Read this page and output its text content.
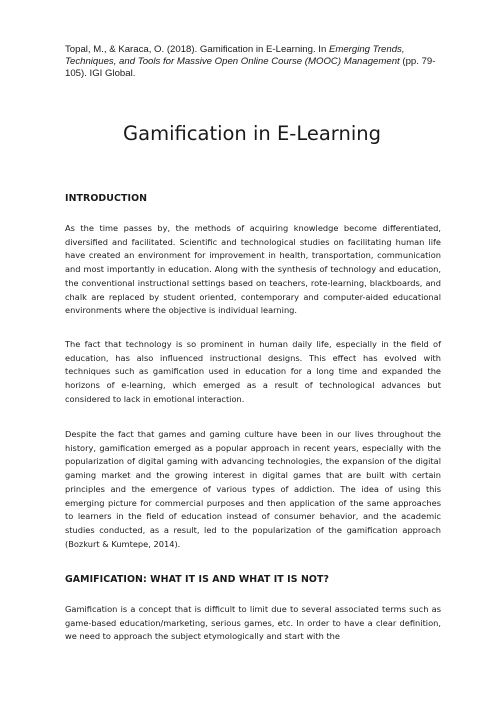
Topal, M., & Karaca, O. (2018). Gamification in E-Learning. In Emerging Trends, Techniques, and Tools for Massive Open Online Course (MOOC) Management (pp. 79-105). IGI Global.
Gamification in E-Learning
INTRODUCTION

As the time passes by, the methods of acquiring knowledge become differentiated, diversified and facilitated. Scientific and technological studies on facilitating human life have created an environment for improvement in health, transportation, communication and most importantly in education. Along with the synthesis of technology and education, the conventional instructional settings based on teachers, rote-learning, blackboards, and chalk are replaced by student oriented, contemporary and computer-aided educational environments where the objective is individual learning.

The fact that technology is so prominent in human daily life, especially in the field of education, has also influenced instructional designs. This effect has evolved with techniques such as gamification used in education for a long time and expanded the horizons of e-learning, which emerged as a result of technological advances but considered to lack in emotional interaction.

Despite the fact that games and gaming culture have been in our lives throughout the history, gamification emerged as a popular approach in recent years, especially with the popularization of digital gaming with advancing technologies, the expansion of the digital gaming market and the growing interest in digital games that are built with certain principles and the emergence of various types of addiction. The idea of using this emerging picture for commercial purposes and then application of the same approaches to learners in the field of education instead of consumer behavior, and the academic studies conducted, as a result, led to the popularization of the gamification approach (Bozkurt & Kumtepe, 2014).

GAMIFICATION: WHAT IT IS AND WHAT IT IS NOT?

Gamification is a concept that is difficult to limit due to several associated terms such as game-based education/marketing, serious games, etc. In order to have a clear definition, we need to approach the subject etymologically and start with the
